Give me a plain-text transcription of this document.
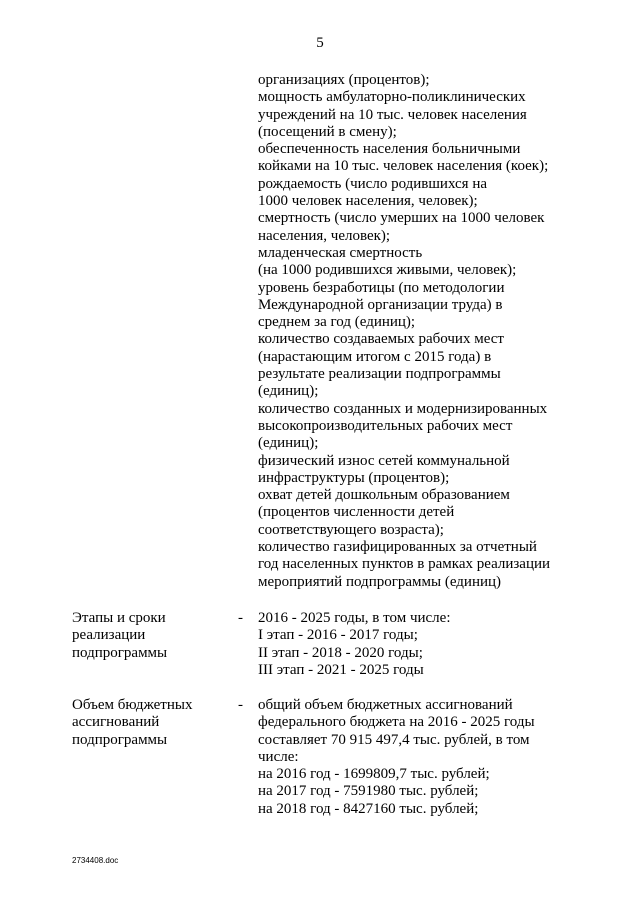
5
организациях (процентов);
мощность амбулаторно-поликлинических
учреждений на 10 тыс. человек населения
(посещений в смену);
обеспеченность населения больничными
койками на 10 тыс. человек населения (коек);
рождаемость (число родившихся на
1000 человек населения, человек);
смертность (число умерших на 1000 человек
населения, человек);
младенческая смертность
(на 1000 родившихся живыми, человек);
уровень безработицы (по методологии
Международной организации труда) в
среднем за год (единиц);
количество создаваемых рабочих мест
(нарастающим итогом с 2015 года) в
результате реализации подпрограммы
(единиц);
количество созданных и модернизированных
высокопроизводительных рабочих мест
(единиц);
физический износ сетей коммунальной
инфраструктуры (процентов);
охват детей дошкольным образованием
(процентов численности детей
соответствующего возраста);
количество газифицированных за отчетный
год населенных пунктов в рамках реализации
мероприятий подпрограммы (единиц)
Этапы и сроки
реализации
подпрограммы
- 2016 - 2025 годы, в том числе:
I этап - 2016 - 2017 годы;
II этап - 2018 - 2020 годы;
III этап - 2021 - 2025 годы
Объем бюджетных
ассигнований
подпрограммы
- общий объем бюджетных ассигнований
федерального бюджета на 2016 - 2025 годы
составляет 70 915 497,4 тыс. рублей, в том
числе:
на 2016 год - 1699809,7 тыс. рублей;
на 2017 год - 7591980 тыс. рублей;
на 2018 год - 8427160 тыс. рублей;
2734408.doc
